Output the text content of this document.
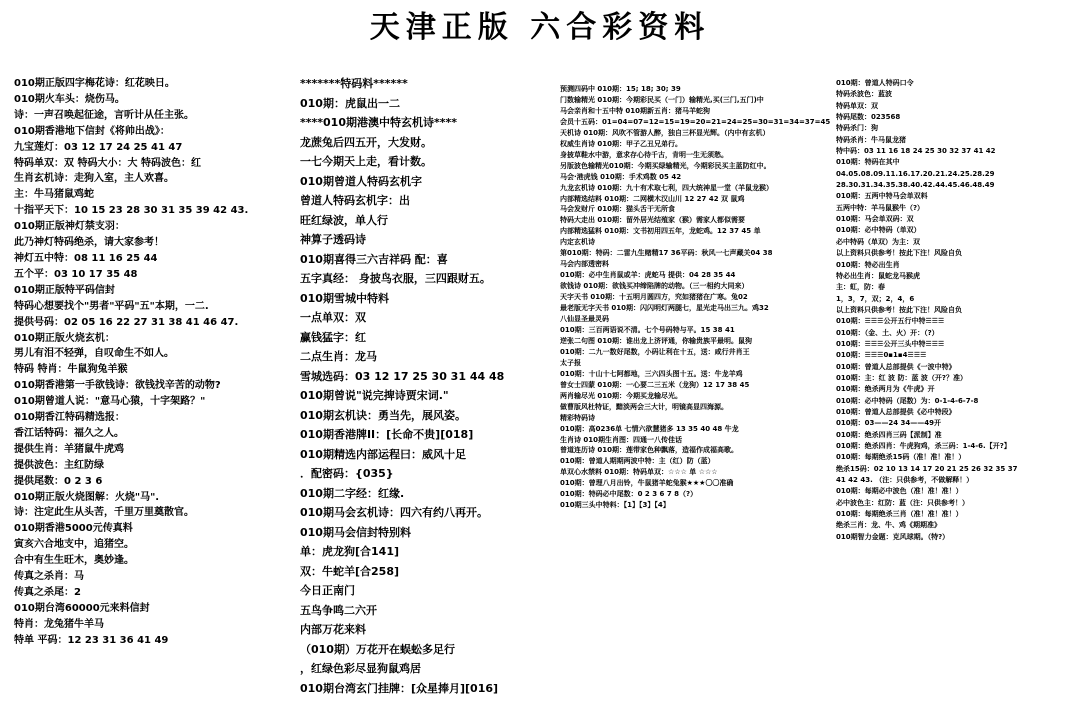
天津正版 六合彩资料
010期正版四字梅花诗：红花映日。
010期火车头：烧伤马。
诗：一声召唤起征途，言听计从任主张。
010期香港地下信封《将帅出战》：
九宝莲灯：03 12 17 24 25 41 47
特码单双：双 特码大小：大 特码波色：红
生肖玄机诗：走狗入室，主人欢喜。
主：牛马猪鼠鸡蛇
十指平天下：10 15 23 28 30 31 35 39 42 43.
010期正版神灯禁支羽：
此乃神灯特码绝杀，请大家参考！
神灯五中特：08 11 16 25 44
五个平：03 10 17 35 48
010期正版特平码信封
特码心想要找个"男者"平码"五"本期，一二.
提供号码：02 05 16 22 27 31 38 41 46 47.
010期正版火烧玄机：
男儿有泪不轻弹，自叹命生不如人。
特码 特肖：牛鼠狗兔羊猴
010期香港第一手欲钱诗：欲钱找辛苦的动物?
010期曾道人说："意马心猿，十字架路？"
010期香江特码精选报：
香江话特码：福久之人。
提供生肖：羊猪鼠牛虎鸡
提供波色：主红防绿
提供尾数：0 2 3 6
010期正版火烧图解：火烧"马".
诗：注定此生从头苦，千里万里奠散官。
010期香港5000元传真料
寅亥六合地支中，追猪空。
合中有生生旺木，奥妙逢。
传真之杀肖：马
传真之杀尾：2
010期台湾60000元来料信封
特肖：龙兔猪牛羊马
特单 平码：12 23 31 36 41 49
*******特码料******
010期：虎鼠出一二
****010期港澳中特玄机诗****
龙蔗兔后四五开，大发财。
一七今期天上走，看计数。
010期曾道人特码玄机字
曾道人特码玄机字：出
旺红绿波，单人行
神算子透码诗
010期喜得三六吉祥码 配：喜
五字真经： 身披鸟衣服，三四跟财五。
010期雪城中特料
一点单双：双
赢钱猛字：红
二点生肖：龙马
雪城选码：03 12 17 25 30 31 44 48
010期曾说"说完捭诗贾宋词."
010期玄机诀：勇当先，展风姿。
010期香港牌II：[长命不贵][018]
010期精选内部运程曰：威风十足
．配密码：{035}
010期二字经：红缘.
010期马会玄机诗：四六有约八再开。
010期马会信封特别料
单：虎龙狗[合141]
双：牛蛇羊[合258]
今日正南门
五鸟争鸣二六开
内部万花来料
（010期）万花开在蜈蚣多足行
，红绿色彩尽显狗鼠鸡居
010期台湾玄门挂牌：[众星捧月][016]
预测四码中 010期：15; 18; 30; 39
门数输精光 010期：今期彩民买（一门）输精光,买(三门,五门)中
马会亲肖和十五中特 010期新五肖：猪马羊蛇狗
会员十五码：01=04=07=12=15=19=20=21=24=25=30=31=34=37=45
天机诗 010期：风吹不管游人醉，独自三杯显光辉。（内中有玄机）
权威生肖诗 010期：甲子乙丑兄弟行。
身披草鞋水中游，意求存心待千古，肯明一生无须愁。
另版波色输精光010期：今期买绿输精光，今期彩民买主蓝防红中。
马会·港虎钱 010期：手术鸡数 05 42
九龙玄机诗 010期：九十有术取七利，四大统神星一堂（羊鼠龙猴）
内部精选结料 010期：二网横木汉山川 12 27 42 双 鼠鸡
马会发财斤 010期：猫头舌干无所食
特码大走出 010期：留外居光结殖家（猴）需家人都似需要
内部精选猛料 010期：文书初用四五年，龙蛇鸡。12 37 45 单
内定玄机诗
第010期：特码：二雷九生赌精17 36平码：秋风一七声藏关04 38
马会内部透密料
010期：必中生肖鼠或羊：虎蛇马 提供：04 28 35 44
欲钱诗 010期：欲钱买冲缔陷牌的动物。（三一相约大同来）
天字天书 010期：十五明月圆四方，究如猪猪在广寒。兔02
最老版无字天书 010期：闪闪明灯两腿七，星光走马出三九。鸡32
八仙显圣最灵码
010期：三百两语说不清。七个号码特与平。15 38 41
逆张二句图 010期：谁出龙上济评通，你输贵族平最明。鼠狗
010期：二九一数好尾数，小码让利在十五，送：咸行井肖王
太子报
010期：十山十七阿都地，三六四头图十五。送：牛龙羊鸡
曾女士四蒙 010期：一心要二三五米（龙狗）12 17 38 45
两肖输尽光 010期：今期买龙输尽光。
做曹版风杜特证，黯淡两会三大计，明镜高显四海源。
精彩特码诗
010期：高0236单 七情六欲慧猪多 13 35 40 48 牛龙
生肖诗 010期生肖图：四通一八传佳话
曾道连历诗 010期：莲带家色种飘落，造福作成福高歌。
010期：曾道人期期两波中特：主（红）防（蓝）
单双心水禁料 010期：特码单双：☆☆☆ 单 ☆☆☆
010期：曾理八月出铃，牛鼠猪羊蛇兔猴★★★〇〇准确
010期：特码必中尾数：0 2 3 6 7 8（?）
010期三头中特料：【1】【3】【4】
010期：曾道人特码口令
特码杀波色：蓝波
特码单双：双
特码尾数：023568
特码杀门：狗
特码杀肖：牛马鼠龙猪
特中码：03 11 16 18 24 25 30 32 37 41 42
010期：特码在其中
04.05.08.09.11.16.17.20.21.24.25.28.29
28.30.31.34.35.38.40.42.44.45.46.48.49
010期：五两中特马会单双料
五两中特：羊马鼠猴牛（?）
010期：马会单双码：双
010期：必中特码（单双）
必中特码（单双）为主：双
以上资料只供参考！按此下注！风险自负
010期：特必出生肖
特必出生肖：鼠蛇龙马猴虎
主：虹，防：春
1，3，7，双；2，4，6
以上资料只供参考！按此下注！风险自负
010期：☰☰☰公开五行中特☰☰☰
010期：（金、土、火）开：（?）
010期：☰☰☰公开三头中特☰☰☰
010期：☰☰☰0▪1▪4☰☰☰
010期：曾道人总部提供《一波中特》
010期：主：红 波 防：蓝 波（开?？准）
010期：绝杀两月为《牛虎》开
010期：必中特码（尾数）为：0-1-4-6-7-8
010期：曾道人总部提供《必中特段》
010期：03——24 34——49开
010期：绝杀四肖三码【派制】准
010期：绝杀四肖：牛虎狗鸡，杀三码：1-4-6.【开?】
010期：每期绝杀15码（准！准！准！）
绝杀15码：02 10 13 14 17 20 21 25 26 32 35 37
41 42 43. （注：只供参考，不做解释！）
010期：每期必中波色（准！准！准！）
必中波色主：红防：蓝（注：只供参考！）
010期：每期绝杀三肖（准！准！准！）
绝杀三肖：龙、牛、鸡《期期准》
010期智力金题：克风球期。（特?）
